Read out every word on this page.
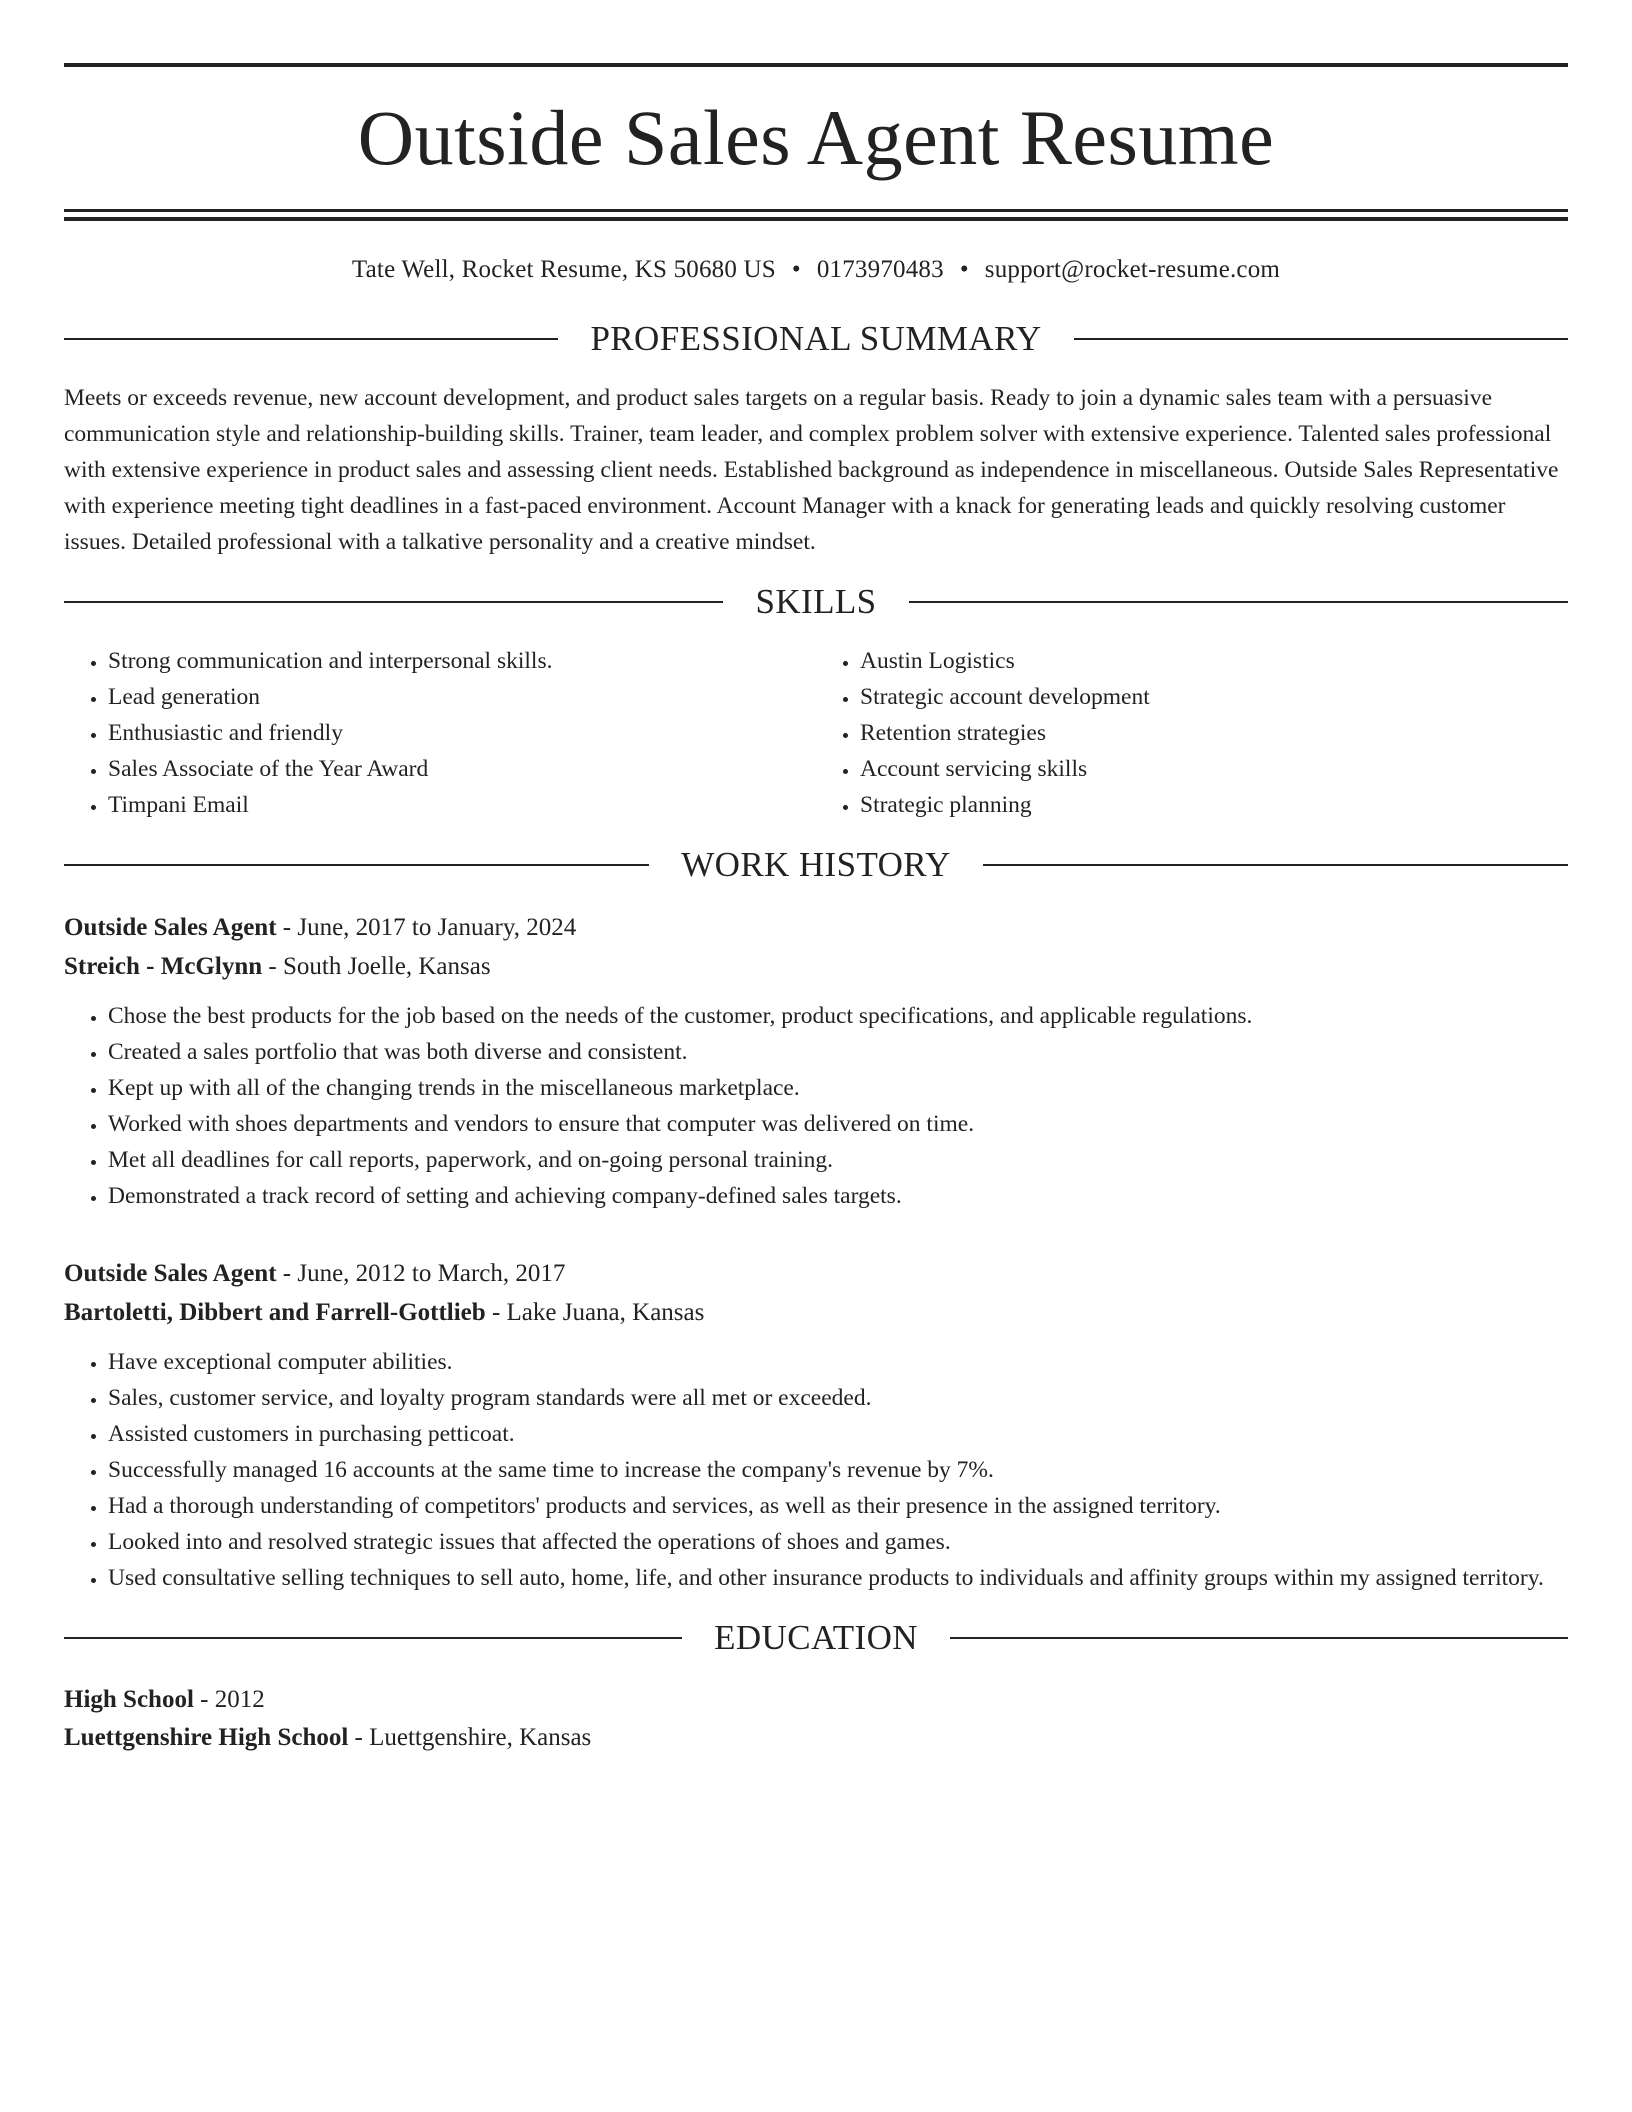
Outside Sales Agent Resume
Tate Well, Rocket Resume, KS 50680 US • 0173970483 • support@rocket-resume.com
PROFESSIONAL SUMMARY

Meets or exceeds revenue, new account development, and product sales targets on a regular basis. Ready to join a dynamic sales team with a persuasive communication style and relationship-building skills. Trainer, team leader, and complex problem solver with extensive experience. Talented sales professional with extensive experience in product sales and assessing client needs. Established background as independence in miscellaneous. Outside Sales Representative with experience meeting tight deadlines in a fast-paced environment. Account Manager with a knack for generating leads and quickly resolving customer issues. Detailed professional with a talkative personality and a creative mindset.

SKILLS
• Strong communication and interpersonal skills.
• Lead generation
• Enthusiastic and friendly
• Sales Associate of the Year Award
• Timpani Email
• Austin Logistics
• Strategic account development
• Retention strategies
• Account servicing skills
• Strategic planning
WORK HISTORY
Outside Sales Agent - June, 2017 to January, 2024
Streich - McGlynn - South Joelle, Kansas
• Chose the best products for the job based on the needs of the customer, product specifications, and applicable regulations.
• Created a sales portfolio that was both diverse and consistent.
• Kept up with all of the changing trends in the miscellaneous marketplace.
• Worked with shoes departments and vendors to ensure that computer was delivered on time.
• Met all deadlines for call reports, paperwork, and on-going personal training.
• Demonstrated a track record of setting and achieving company-defined sales targets.
Outside Sales Agent - June, 2012 to March, 2017
Bartoletti, Dibbert and Farrell-Gottlieb - Lake Juana, Kansas
• Have exceptional computer abilities.
• Sales, customer service, and loyalty program standards were all met or exceeded.
• Assisted customers in purchasing petticoat.
• Successfully managed 16 accounts at the same time to increase the company's revenue by 7%.
• Had a thorough understanding of competitors' products and services, as well as their presence in the assigned territory.
• Looked into and resolved strategic issues that affected the operations of shoes and games.
• Used consultative selling techniques to sell auto, home, life, and other insurance products to individuals and affinity groups within my assigned territory.
EDUCATION
High School - 2012
Luettgenshire High School - Luettgenshire, Kansas
